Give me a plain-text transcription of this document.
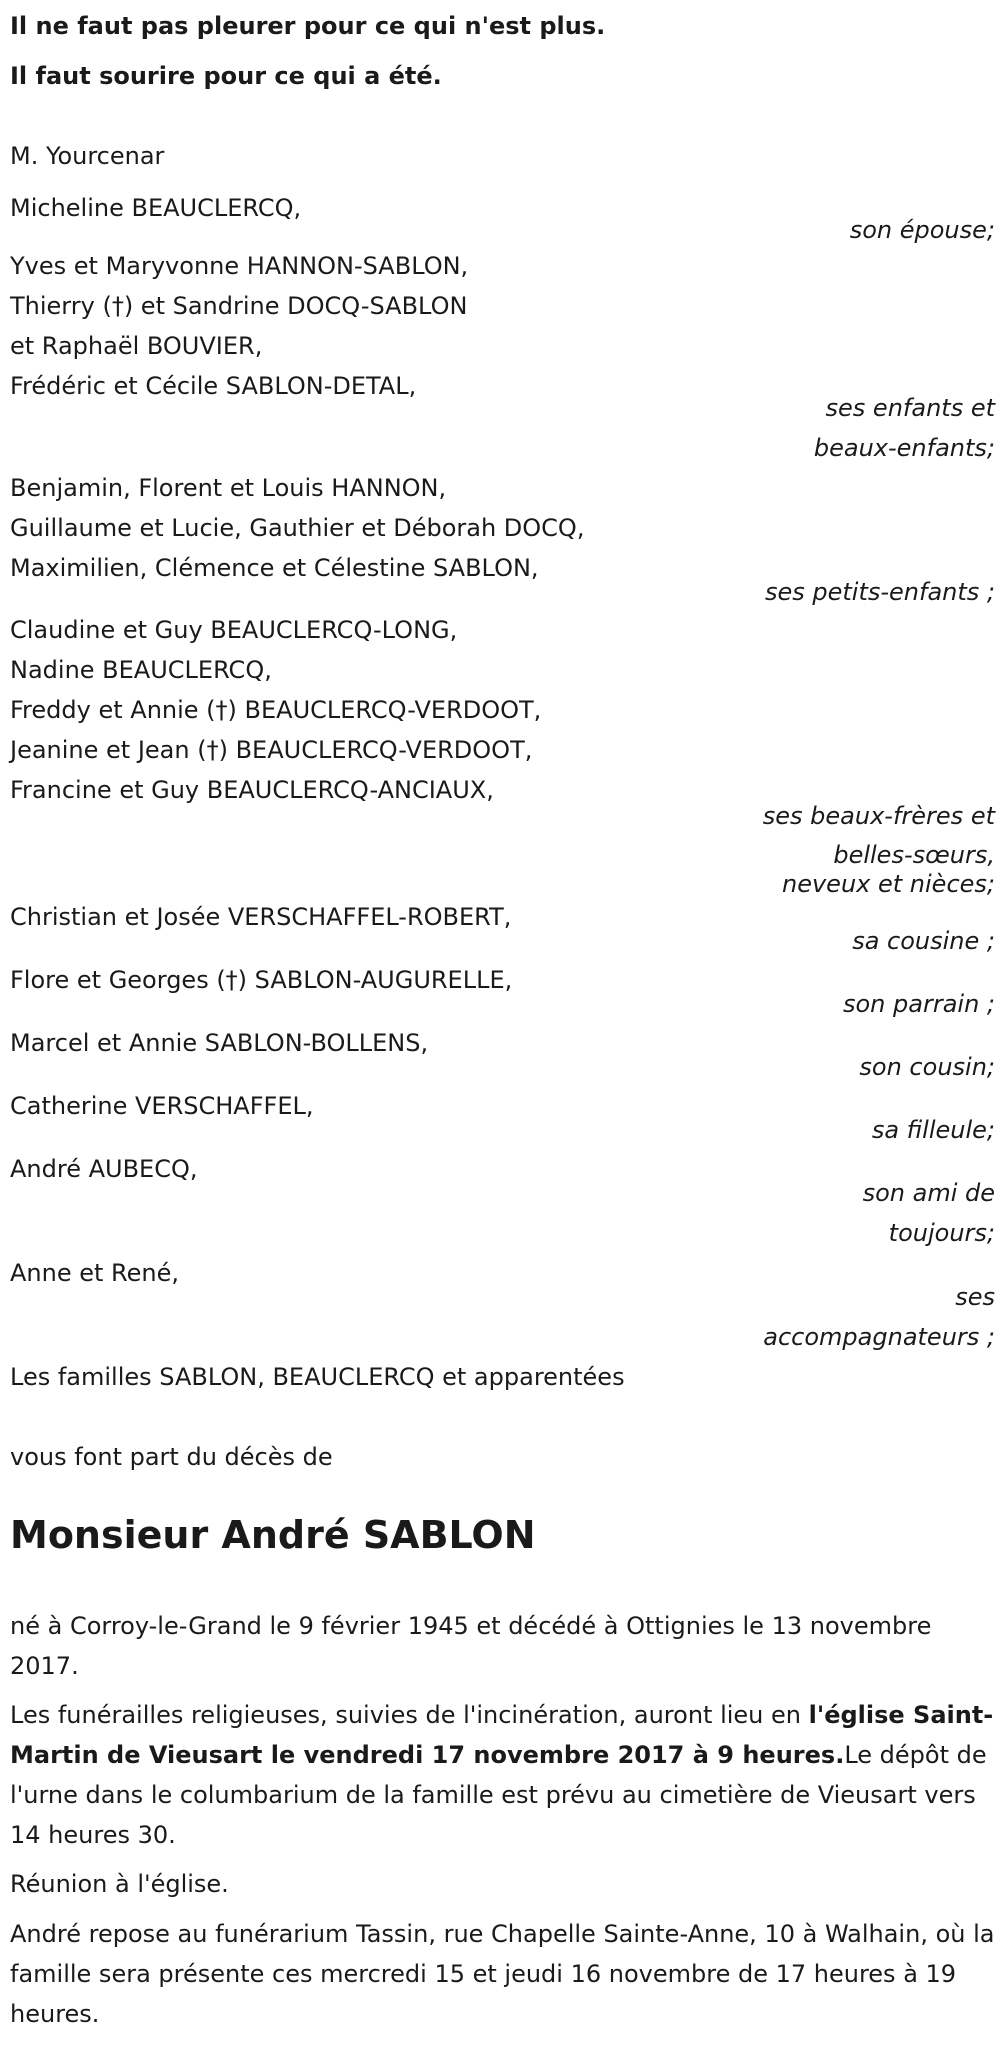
Il ne faut pas pleurer pour ce qui n'est plus.

Il faut sourire pour ce qui a été.

M. Yourcenar
Micheline BEAUCLERCQ,
son épouse;
Yves et Maryvonne HANNON-SABLON,
Thierry (†) et Sandrine DOCQ-SABLON
et Raphaël BOUVIER,
Frédéric et Cécile SABLON-DETAL,
ses enfants et
beaux-enfants;
Benjamin, Florent et Louis HANNON,
Guillaume et Lucie, Gauthier et Déborah DOCQ,
Maximilien, Clémence et Célestine SABLON,
ses petits-enfants ;
Claudine et Guy BEAUCLERCQ-LONG,
Nadine BEAUCLERCQ,
Freddy et Annie (†) BEAUCLERCQ-VERDOOT,
Jeanine et Jean (†) BEAUCLERCQ-VERDOOT,
Francine et Guy BEAUCLERCQ-ANCIAUX,
ses beaux-frères et
belles-sœurs,
neveux et nièces;
Christian et Josée VERSCHAFFEL-ROBERT,
sa cousine ;
Flore et Georges (†) SABLON-AUGURELLE,
son parrain ;
Marcel et Annie SABLON-BOLLENS,
son cousin;
Catherine VERSCHAFFEL,
sa filleule;
André AUBECQ,
son ami de
toujours;
Anne et René,
ses
accompagnateurs ;
Les familles SABLON, BEAUCLERCQ et apparentées
vous font part du décès de
Monsieur André SABLON
né à Corroy-le-Grand le 9 février 1945 et décédé à Ottignies le 13 novembre 2017.
Les funérailles religieuses, suivies de l'incinération, auront lieu en l'église Saint-Martin de Vieusart le vendredi 17 novembre 2017 à 9 heures.Le dépôt de l'urne dans le columbarium de la famille est prévu au cimetière de Vieusart vers 14 heures 30.
Réunion à l'église.
André repose au funérarium Tassin, rue Chapelle Sainte-Anne, 10 à Walhain, où la famille sera présente ces mercredi 15 et jeudi 16 novembre de 17 heures à 19 heures.
